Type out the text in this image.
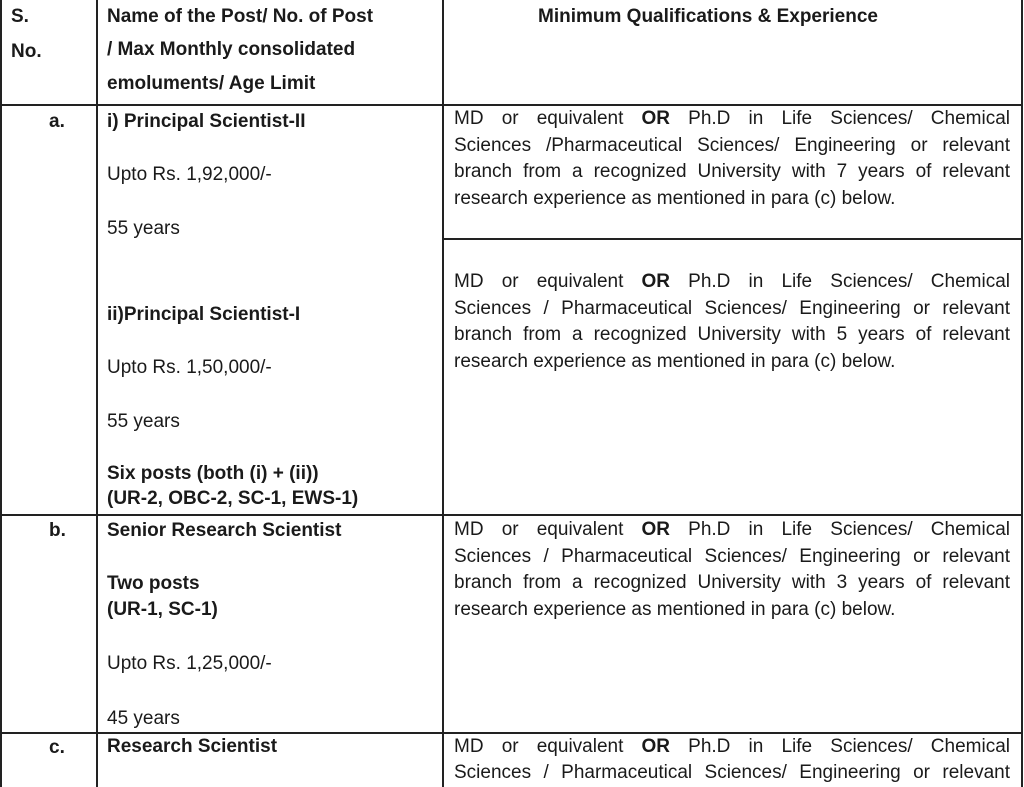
S.
No.
Name of the Post/ No. of Post
/ Max Monthly consolidated
emoluments/ Age Limit
Minimum Qualifications & Experience
a. i) Principal Scientist-II
Upto Rs. 1,92,000/-
55 years
ii)Principal Scientist-I
Upto Rs. 1,50,000/-
55 years
Six posts (both (i) + (ii))
(UR-2, OBC-2, SC-1, EWS-1)
MD or equivalent OR Ph.D in Life Sciences/ Chemical
Sciences /Pharmaceutical Sciences/ Engineering or relevant
branch from a recognized University with 7 years of relevant
research experience as mentioned in para (c) below.
MD or equivalent OR Ph.D in Life Sciences/ Chemical
Sciences / Pharmaceutical Sciences/ Engineering or relevant
branch from a recognized University with 5 years of relevant
research experience as mentioned in para (c) below.
b. Senior Research Scientist
Two posts
(UR-1, SC-1)
Upto Rs. 1,25,000/-
45 years
MD or equivalent OR Ph.D in Life Sciences/ Chemical
Sciences / Pharmaceutical Sciences/ Engineering or relevant
branch from a recognized University with 3 years of relevant
research experience as mentioned in para (c) below.
c. Research Scientist	MD or equivalent OR Ph.D in Life Sciences/ Chemical
Sciences / Pharmaceutical Sciences/ Engineering or relevant
